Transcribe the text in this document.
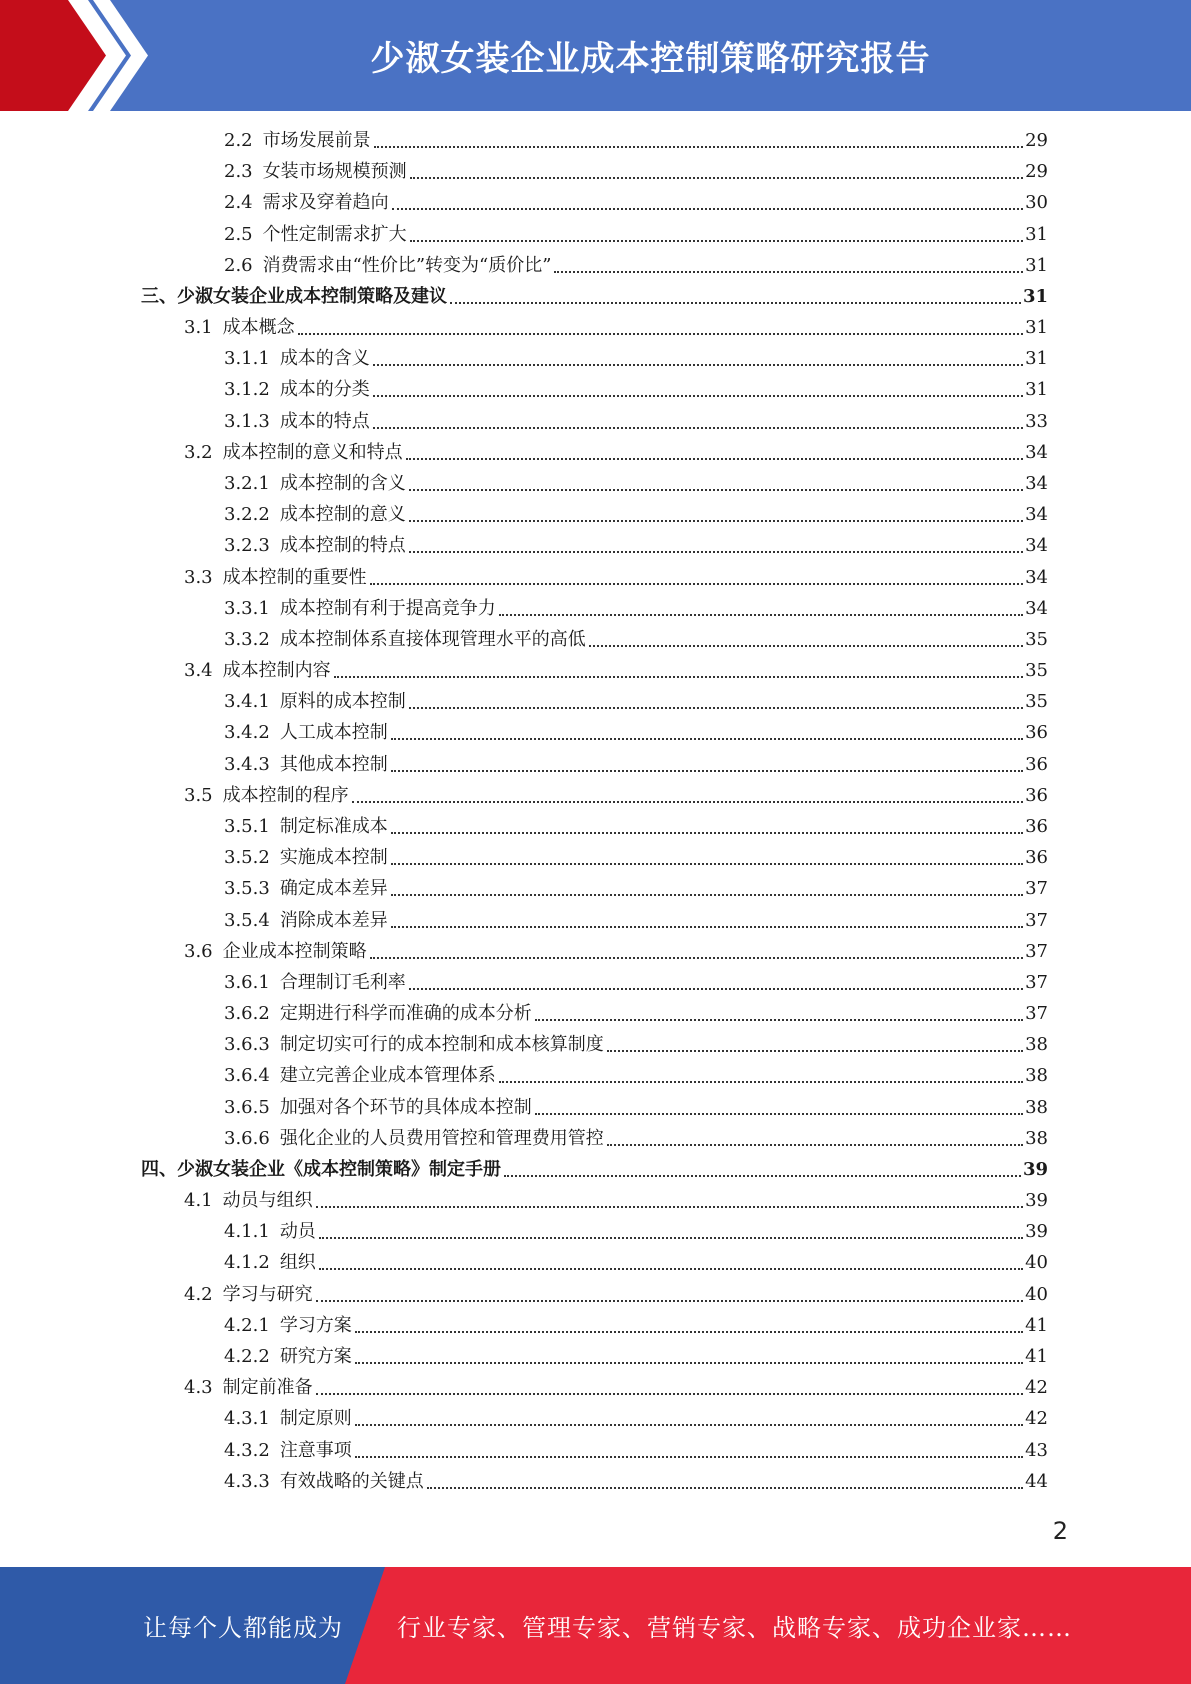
少淑女装企业成本控制策略研究报告
2.2 市场发展前景	29
2.3 女装市场规模预测	29
2.4 需求及穿着趋向	30
2.5 个性定制需求扩大	31
2.6 消费需求由“性价比”转变为“质价比”	31
三、 少淑女装企业成本控制策略及建议	31
3.1 成本概念	31
3.1.1 成本的含义	31
3.1.2 成本的分类	31
3.1.3 成本的特点	33
3.2 成本控制的意义和特点	34
3.2.1 成本控制的含义	34
3.2.2 成本控制的意义	34
3.2.3 成本控制的特点	34
3.3 成本控制的重要性	34
3.3.1 成本控制有利于提高竞争力	34
3.3.2 成本控制体系直接体现管理水平的高低	35
3.4 成本控制内容	35
3.4.1 原料的成本控制	35
3.4.2 人工成本控制	36
3.4.3 其他成本控制	36
3.5 成本控制的程序	36
3.5.1 制定标准成本	36
3.5.2 实施成本控制	36
3.5.3 确定成本差异	37
3.5.4 消除成本差异	37
3.6 企业成本控制策略	37
3.6.1 合理制订毛利率	37
3.6.2 定期进行科学而准确的成本分析	37
3.6.3 制定切实可行的成本控制和成本核算制度	38
3.6.4 建立完善企业成本管理体系	38
3.6.5 加强对各个环节的具体成本控制	38
3.6.6 强化企业的人员费用管控和管理费用管控	38
四、 少淑女装企业《成本控制策略》制定手册	39
4.1 动员与组织	39
4.1.1 动员	39
4.1.2 组织	40
4.2 学习与研究	40
4.2.1 学习方案	41
4.2.2 研究方案	41
4.3 制定前准备	42
4.3.1 制定原则	42
4.3.2 注意事项	43
4.3.3 有效战略的关键点	44
2
让每个人都能成为 行业专家、管理专家、营销专家、战略专家、成功企业家……
